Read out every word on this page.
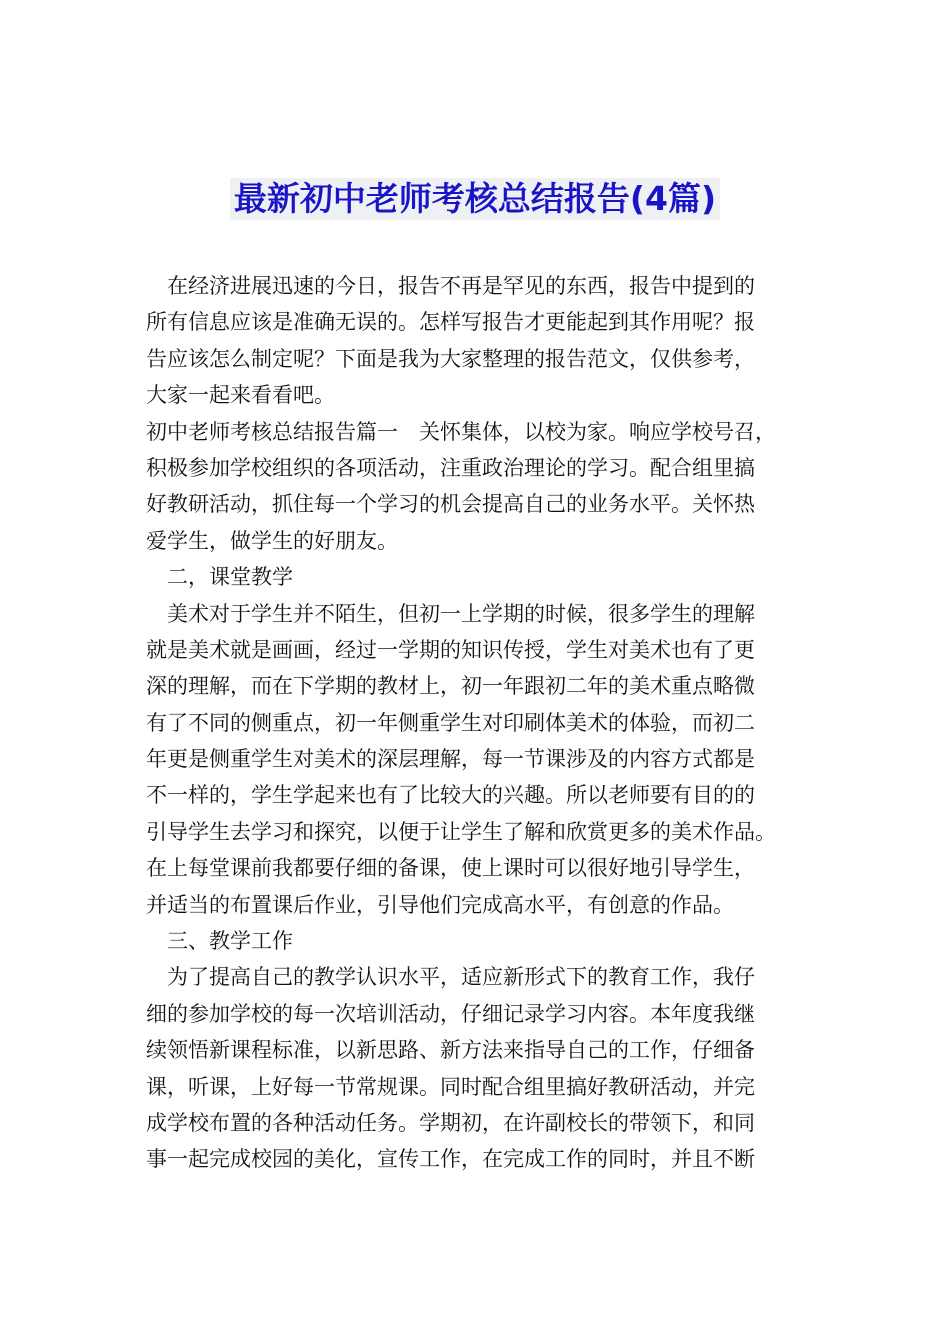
最新初中老师考核总结报告(4篇)
在经济进展迅速的今日，报告不再是罕见的东西，报告中提到的
所有信息应该是准确无误的。怎样写报告才更能起到其作用呢？报
告应该怎么制定呢？下面是我为大家整理的报告范文，仅供参考，
大家一起来看看吧。
初中老师考核总结报告篇一　关怀集体，以校为家。响应学校号召，
积极参加学校组织的各项活动，注重政治理论的学习。配合组里搞
好教研活动，抓住每一个学习的机会提高自己的业务水平。关怀热
爱学生，做学生的好朋友。
二，课堂教学
美术对于学生并不陌生，但初一上学期的时候，很多学生的理解
就是美术就是画画，经过一学期的知识传授，学生对美术也有了更
深的理解，而在下学期的教材上，初一年跟初二年的美术重点略微
有了不同的侧重点，初一年侧重学生对印刷体美术的体验，而初二
年更是侧重学生对美术的深层理解，每一节课涉及的内容方式都是
不一样的，学生学起来也有了比较大的兴趣。所以老师要有目的的
引导学生去学习和探究，以便于让学生了解和欣赏更多的美术作品。
在上每堂课前我都要仔细的备课，使上课时可以很好地引导学生，
并适当的布置课后作业，引导他们完成高水平，有创意的作品。
三、教学工作
为了提高自己的教学认识水平，适应新形式下的教育工作，我仔
细的参加学校的每一次培训活动，仔细记录学习内容。本年度我继
续领悟新课程标准，以新思路、新方法来指导自己的工作，仔细备
课，听课，上好每一节常规课。同时配合组里搞好教研活动，并完
成学校布置的各种活动任务。学期初，在许副校长的带领下，和同
事一起完成校园的美化，宣传工作，在完成工作的同时，并且不断
